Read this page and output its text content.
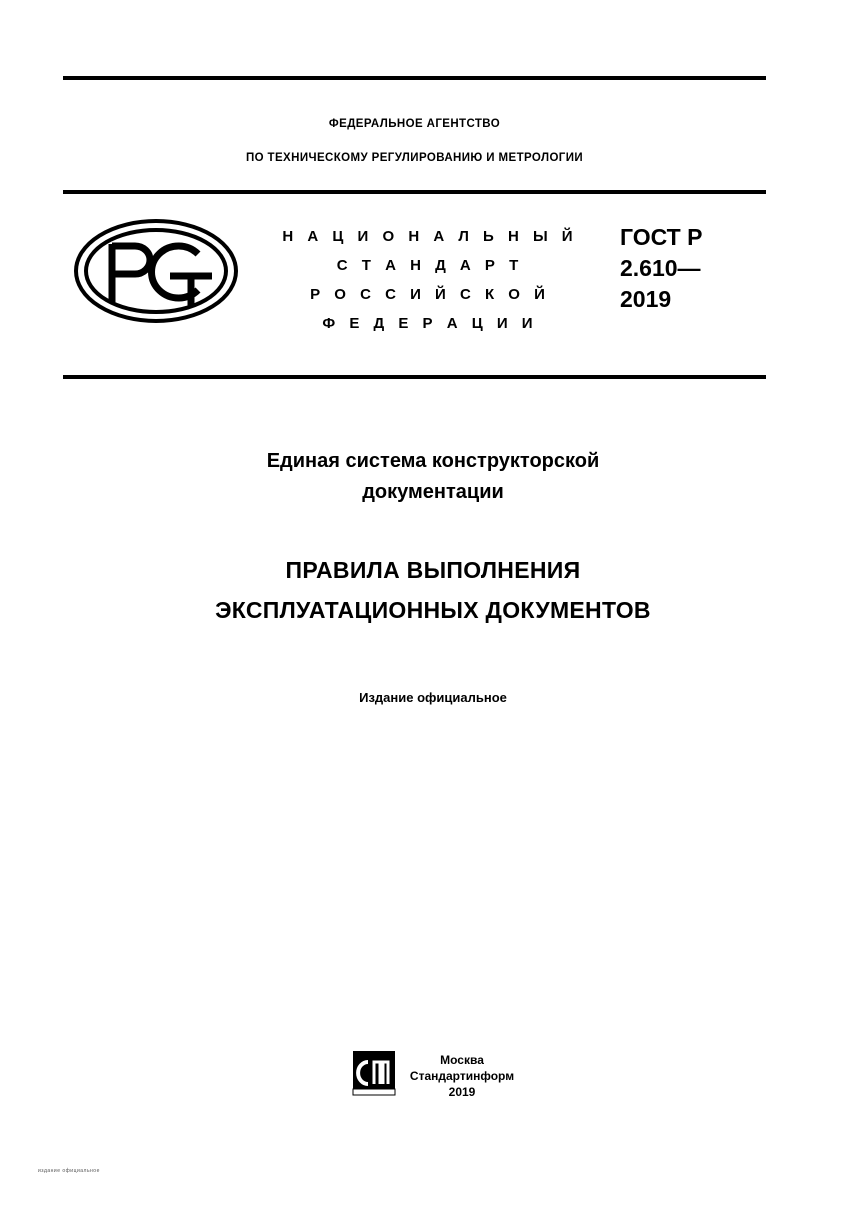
ФЕДЕРАЛЬНОЕ АГЕНТСТВО
ПО ТЕХНИЧЕСКОМУ РЕГУЛИРОВАНИЮ И МЕТРОЛОГИИ
Н А Ц И О Н А Л Ь Н Ы Й
С Т А Н Д А Р Т
Р О С С И Й С К О Й
Ф Е Д Е Р А Ц И И
ГОСТ Р
2.610—
2019
Единая система конструкторской
документации
ПРАВИЛА ВЫПОЛНЕНИЯ
ЭКСПЛУАТАЦИОННЫХ ДОКУМЕНТОВ
Издание официальное
Москва
Стандартинформ
2019
издание официальное
